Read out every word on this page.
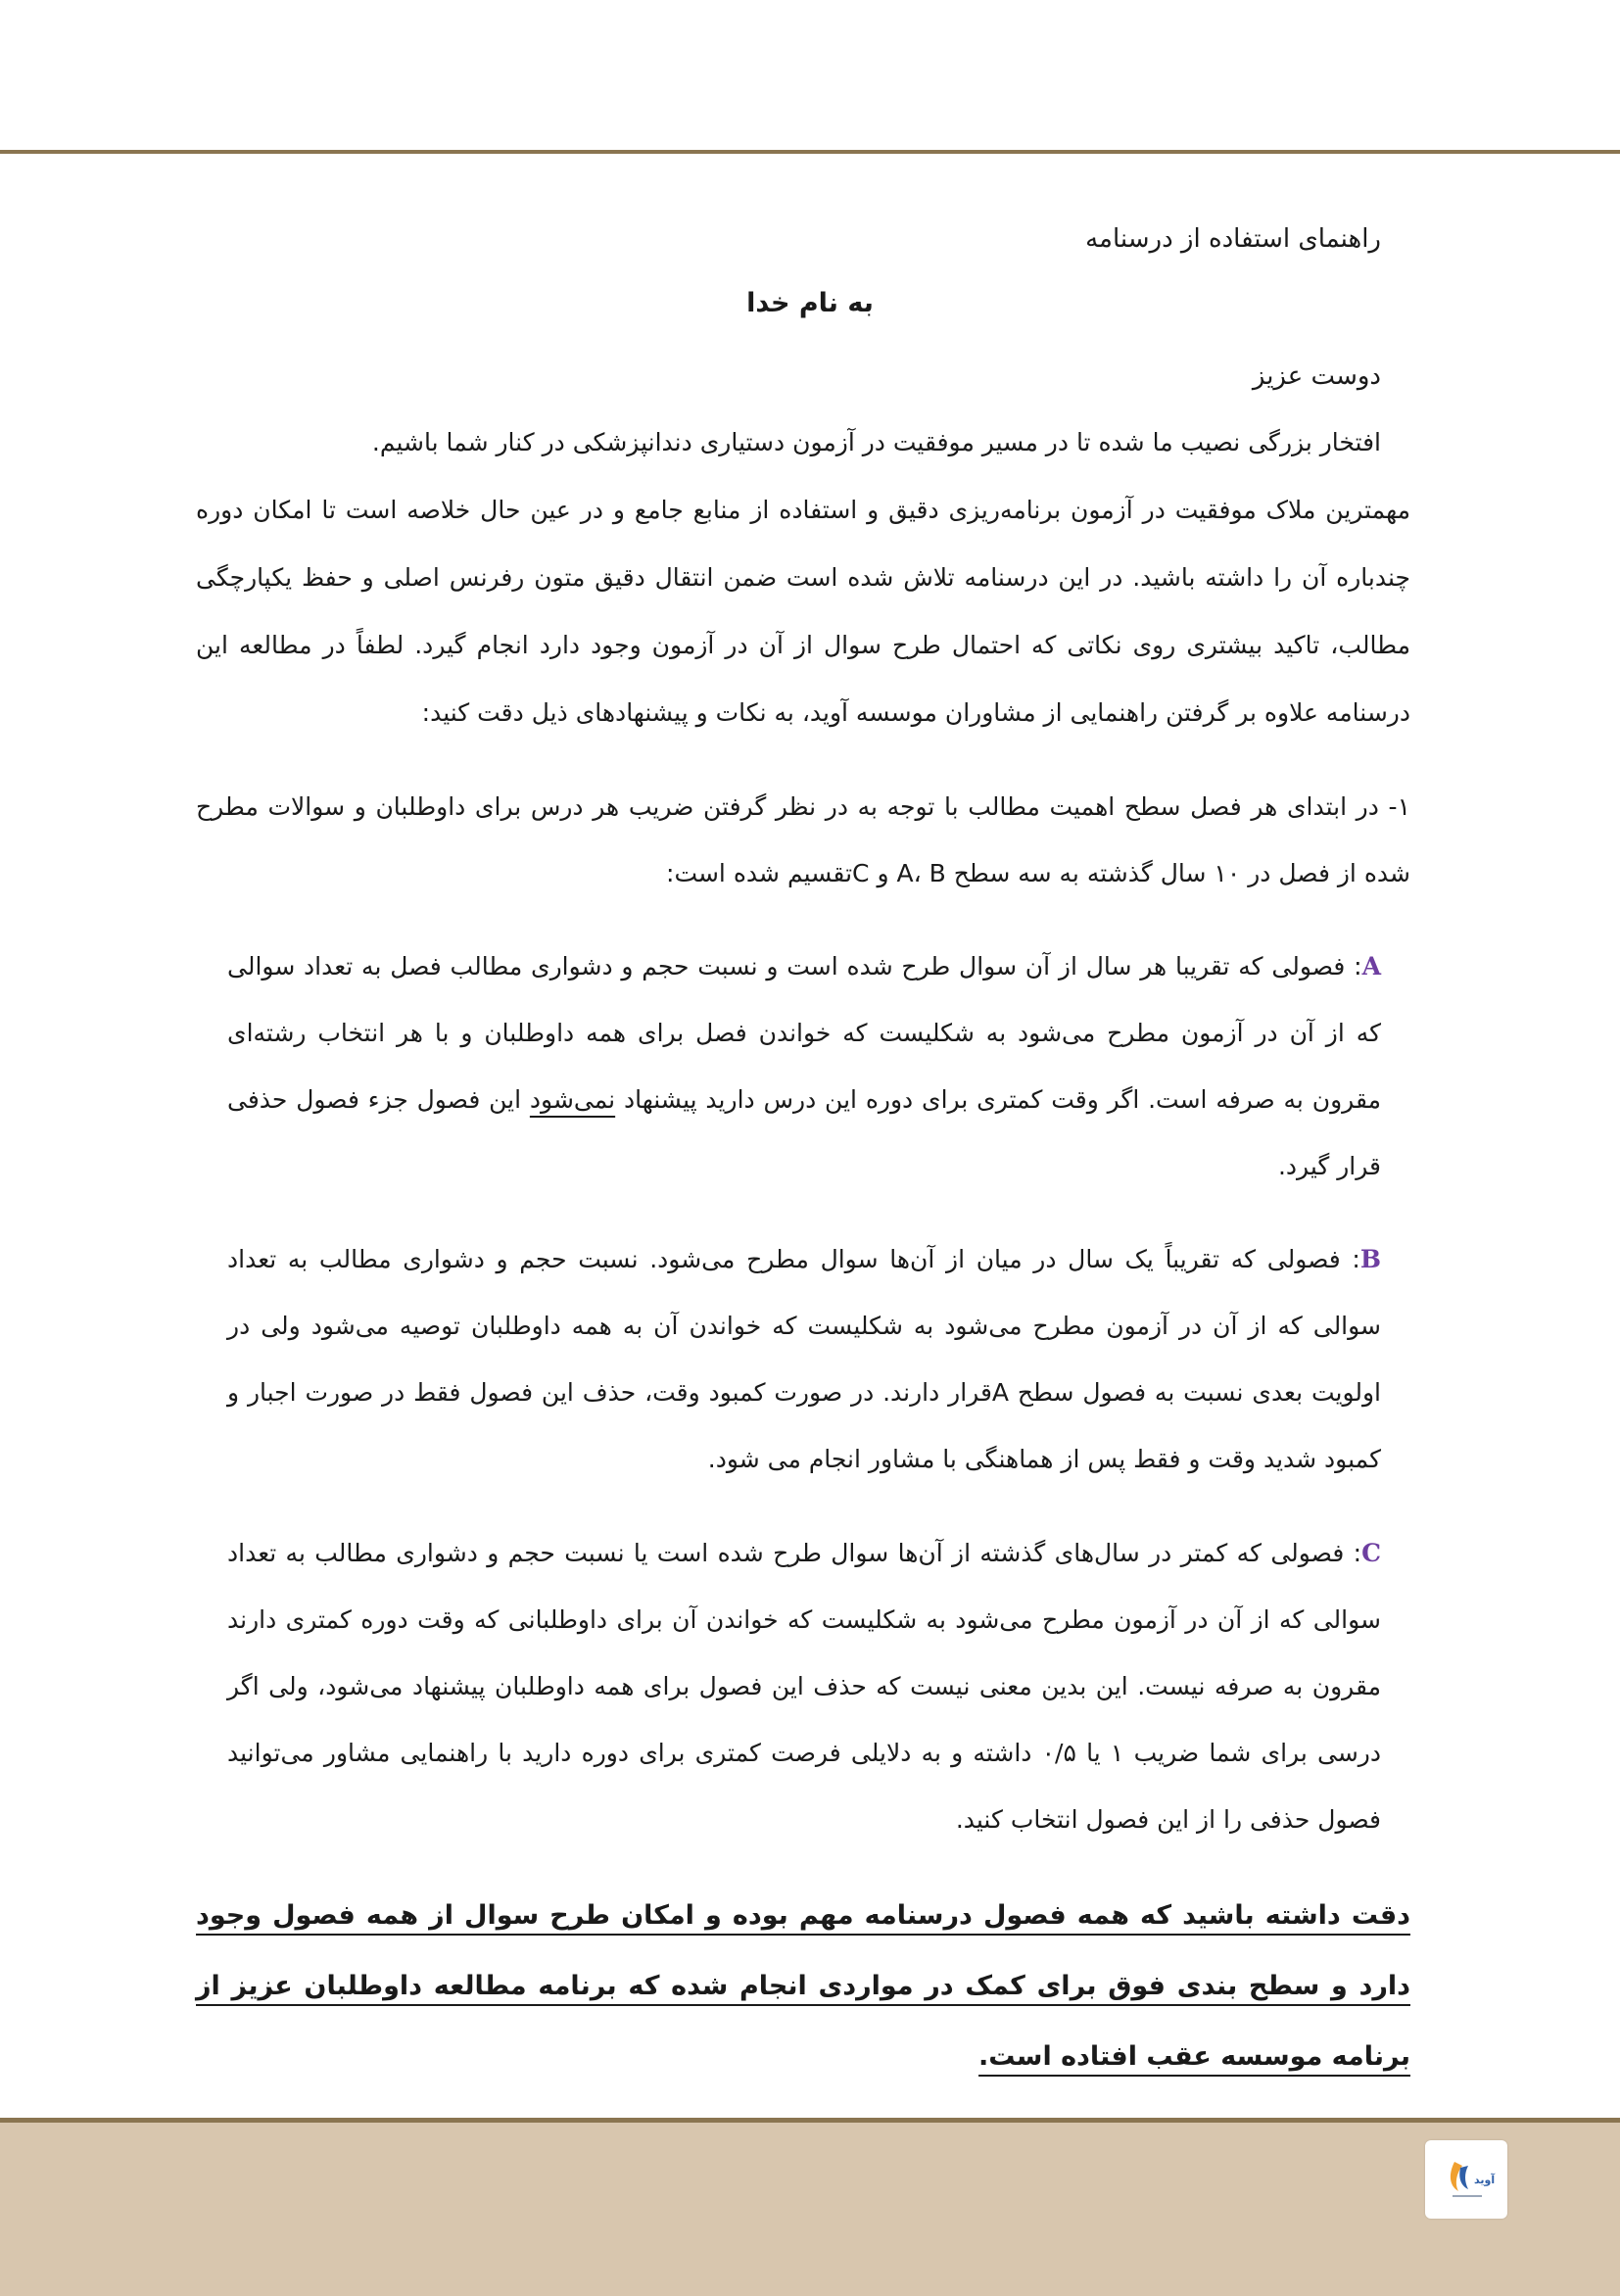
راهنمای استفاده از درسنامه
به نام خدا
دوست عزیز
افتخار بزرگی نصیب ما شده تا در مسیر موفقیت در آزمون دستیاری دندانپزشکی در کنار شما باشیم.
مهمترین ملاک موفقیت در آزمون برنامه‌ریزی دقیق و استفاده از منابع جامع و در عین حال خلاصه است تا امکان دوره چندباره آن را داشته باشید. در این درسنامه تلاش شده است ضمن انتقال دقیق متون رفرنس اصلی و حفظ یکپارچگی مطالب، تاکید بیشتری روی نکاتی که احتمال طرح سوال از آن در آزمون وجود دارد انجام گیرد. لطفاً در مطالعه این درسنامه علاوه بر گرفتن راهنمایی از مشاوران موسسه آوید، به نکات و پیشنهادهای ذیل دقت کنید:
۱- در ابتدای هر فصل سطح اهمیت مطالب با توجه به در نظر گرفتن ضریب هر درس برای داوطلبان و سوالات مطرح شده از فصل در ۱۰ سال گذشته به سه سطح A، B و Cتقسیم شده است:
A: فصولی که تقریبا هر سال از آن سوال طرح شده است و نسبت حجم و دشواری مطالب فصل به تعداد سوالی که از آن در آزمون مطرح می‌شود به شکلیست که خواندن فصل برای همه داوطلبان و با هر انتخاب رشته‌ای مقرون به صرفه است. اگر وقت کمتری برای دوره این درس دارید پیشنهاد نمی‌شود این فصول جزء فصول حذفی قرار گیرد.
B: فصولی که تقریباً یک سال در میان از آن‌ها سوال مطرح می‌شود. نسبت حجم و دشواری مطالب به تعداد سوالی که از آن در آزمون مطرح می‌شود به شکلیست که خواندن آن به همه داوطلبان توصیه می‌شود ولی در اولویت بعدی نسبت به فصول سطح Aقرار دارند. در صورت کمبود وقت، حذف این فصول فقط در صورت اجبار و کمبود شدید وقت و فقط پس از هماهنگی با مشاور انجام می شود.
C: فصولی که کمتر در سال‌های گذشته از آن‌ها سوال طرح شده است یا نسبت حجم و دشواری مطالب به تعداد سوالی که از آن در آزمون مطرح می‌شود به شکلیست که خواندن آن برای داوطلبانی که وقت دوره کمتری دارند مقرون به صرفه نیست. این بدین معنی نیست که حذف این فصول برای همه داوطلبان پیشنهاد می‌شود، ولی اگر درسی برای شما ضریب ۱ یا ۰/۵ داشته و به دلایلی فرصت کمتری برای دوره دارید با راهنمایی مشاور می‌توانید فصول حذفی را از این فصول انتخاب کنید.
دقت داشته باشید که همه فصول درسنامه مهم بوده و امکان طرح سوال از همه فصول وجود دارد و سطح بندی فوق برای کمک در مواردی انجام شده که برنامه مطالعه داوطلبان عزیز از برنامه موسسه عقب افتاده است.
آوید
